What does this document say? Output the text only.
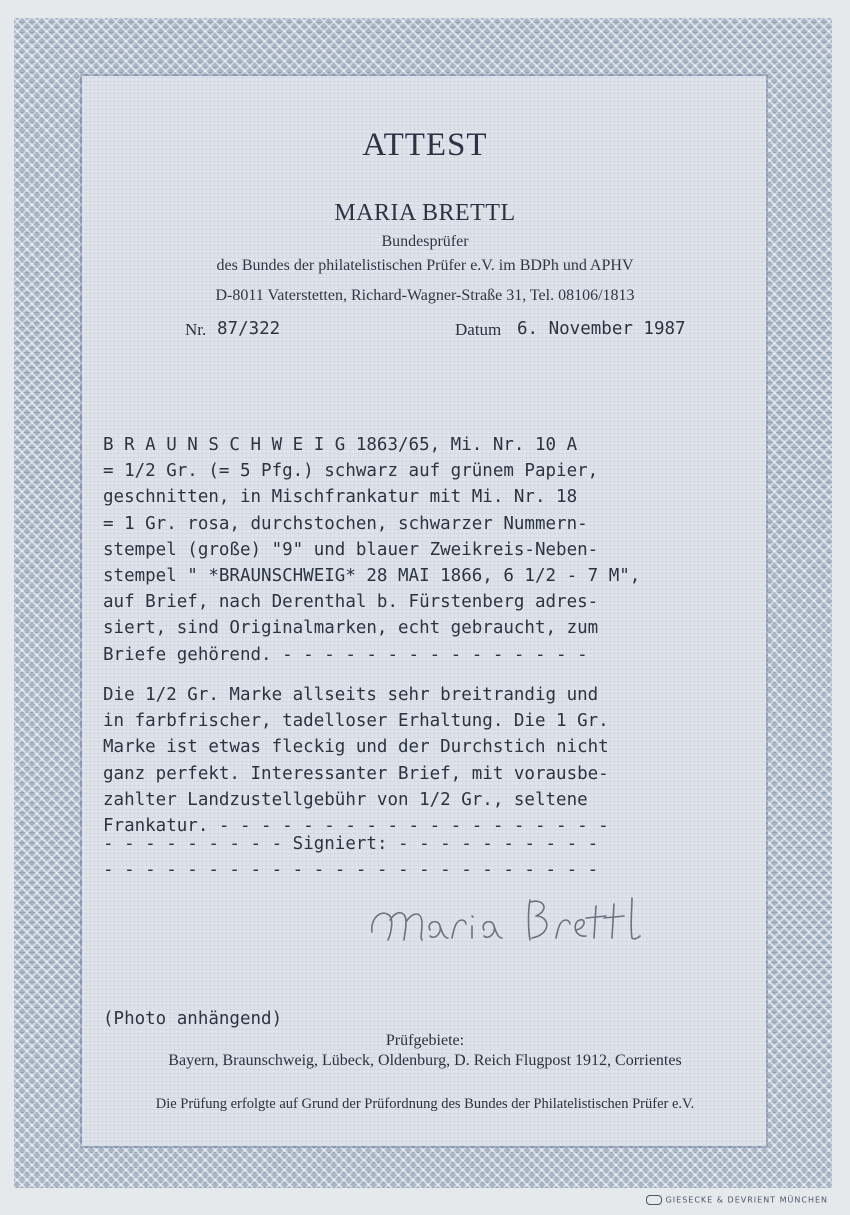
ATTEST
MARIA BRETTL
Bundesprüfer
des Bundes der philatelistischen Prüfer e.V. im BDPh und APHV
D-8011 Vaterstetten, Richard-Wagner-Straße 31, Tel. 08106/1813
Nr. 87/322	Datum 6. November 1987
B R A U N S C H W E I G 1863/65, Mi. Nr. 10 A
= 1/2 Gr. (= 5 Pfg.) schwarz auf grünem Papier,
geschnitten, in Mischfrankatur mit Mi. Nr. 18
= 1 Gr. rosa, durchstochen, schwarzer Nummern-
stempel (große) "9" und blauer Zweikreis-Neben-
stempel " *BRAUNSCHWEIG* 28 MAI 1866, 6 1/2 - 7 M",
auf Brief, nach Derenthal b. Fürstenberg adres-
siert, sind Originalmarken, echt gebraucht, zum
Briefe gehörend. - - - - - - - - - - - - - - -
Die 1/2 Gr. Marke allseits sehr breitrandig und
in farbfrischer, tadelloser Erhaltung. Die 1 Gr.
Marke ist etwas fleckig und der Durchstich nicht
ganz perfekt. Interessanter Brief, mit vorausbe-
zahlter Landzustellgebühr von 1/2 Gr., seltene
Frankatur. - - - - - - - - - - - - - - - - - - -
- - - - - - - - - Signiert: - - - - - - - - - -
- - - - - - - - - - - - - - - - - - - - - - - -
(Photo anhängend)
Prüfgebiete:
Bayern, Braunschweig, Lübeck, Oldenburg, D. Reich Flugpost 1912, Corrientes
Die Prüfung erfolgte auf Grund der Prüfordnung des Bundes der Philatelistischen Prüfer e.V.
GIESECKE & DEVRIENT MÜNCHEN
